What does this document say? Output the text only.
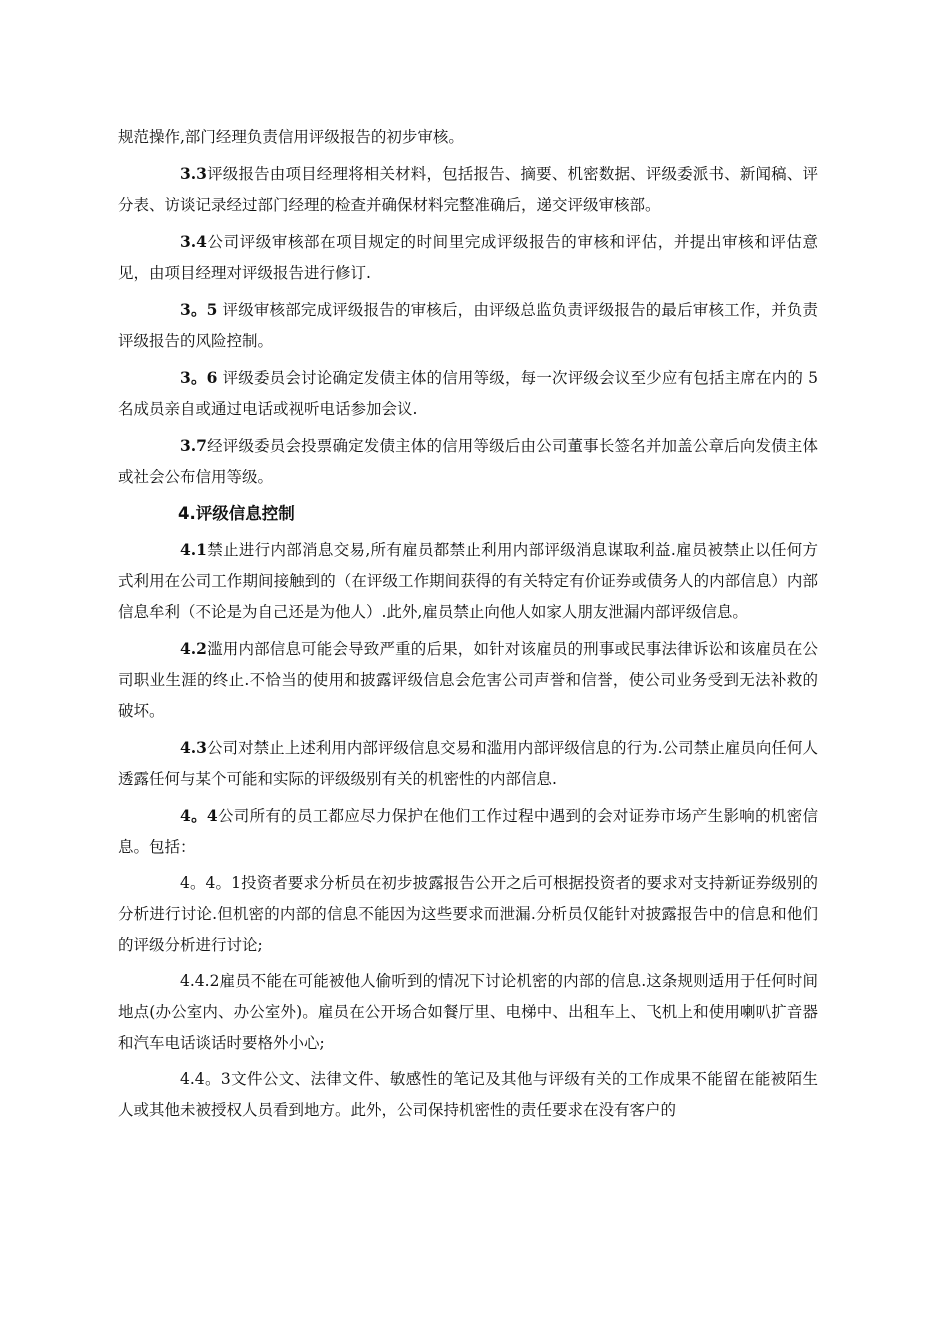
规范操作,部门经理负责信用评级报告的初步审核。

3.3评级报告由项目经理将相关材料，包括报告、摘要、机密数据、评级委派书、新闻稿、评分表、访谈记录经过部门经理的检查并确保材料完整准确后，递交评级审核部。

3.4公司评级审核部在项目规定的时间里完成评级报告的审核和评估，并提出审核和评估意见，由项目经理对评级报告进行修订.

3。5 评级审核部完成评级报告的审核后，由评级总监负责评级报告的最后审核工作，并负责评级报告的风险控制。

3。6 评级委员会讨论确定发债主体的信用等级，每一次评级会议至少应有包括主席在内的 5 名成员亲自或通过电话或视听电话参加会议.

3.7经评级委员会投票确定发债主体的信用等级后由公司董事长签名并加盖公章后向发债主体或社会公布信用等级。

4.评级信息控制

4.1禁止进行内部消息交易,所有雇员都禁止利用内部评级消息谋取利益.雇员被禁止以任何方式利用在公司工作期间接触到的（在评级工作期间获得的有关特定有价证券或债务人的内部信息）内部信息牟利（不论是为自己还是为他人）.此外,雇员禁止向他人如家人朋友泄漏内部评级信息。

4.2滥用内部信息可能会导致严重的后果，如针对该雇员的刑事或民事法律诉讼和该雇员在公司职业生涯的终止.不恰当的使用和披露评级信息会危害公司声誉和信誉，使公司业务受到无法补救的破坏。

4.3公司对禁止上述利用内部评级信息交易和滥用内部评级信息的行为.公司禁止雇员向任何人透露任何与某个可能和实际的评级级别有关的机密性的内部信息.

4。4公司所有的员工都应尽力保护在他们工作过程中遇到的会对证券市场产生影响的机密信息。包括：

4。4。1投资者要求分析员在初步披露报告公开之后可根据投资者的要求对支持新证券级别的分析进行讨论.但机密的内部的信息不能因为这些要求而泄漏.分析员仅能针对披露报告中的信息和他们的评级分析进行讨论;

4.4.2雇员不能在可能被他人偷听到的情况下讨论机密的内部的信息.这条规则适用于任何时间地点(办公室内、办公室外)。雇员在公开场合如餐厅里、电梯中、出租车上、飞机上和使用喇叭扩音器和汽车电话谈话时要格外小心;

4.4。3文件公文、法律文件、敏感性的笔记及其他与评级有关的工作成果不能留在能被陌生人或其他未被授权人员看到地方。此外，公司保持机密性的责任要求在没有客户的
